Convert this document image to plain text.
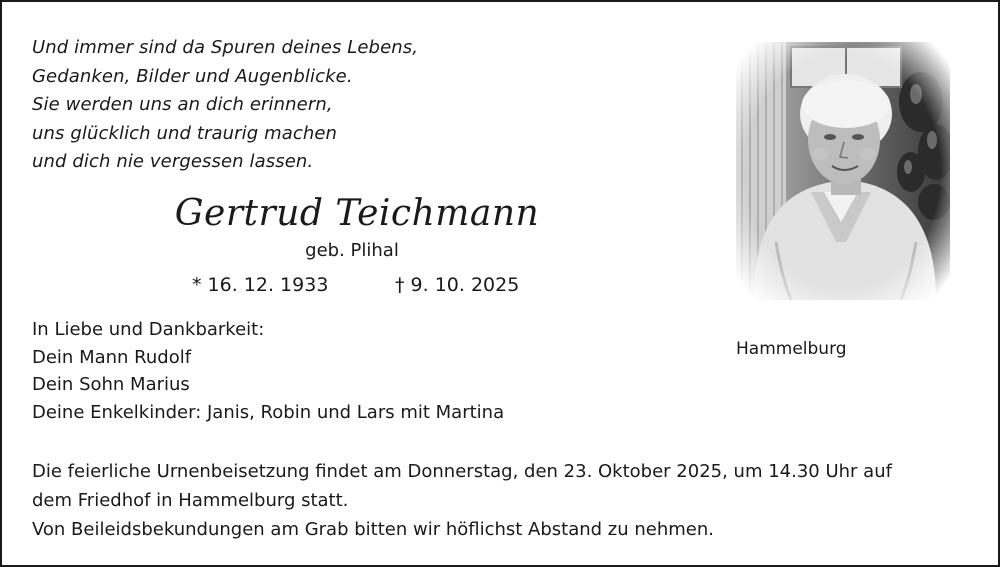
Und immer sind da Spuren deines Lebens,
Gedanken, Bilder und Augenblicke.
Sie werden uns an dich erinnern,
uns glücklich und traurig machen
und dich nie vergessen lassen.
Gertrud Teichmann
geb. Plihal
* 16. 12. 1933	† 9. 10. 2025
In Liebe und Dankbarkeit:
Dein Mann Rudolf
Dein Sohn Marius
Deine Enkelkinder: Janis, Robin und Lars mit Martina
Hammelburg
Die feierliche Urnenbeisetzung findet am Donnerstag, den 23. Oktober 2025, um 14.30 Uhr auf
dem Friedhof in Hammelburg statt.
Von Beileidsbekundungen am Grab bitten wir höflichst Abstand zu nehmen.
